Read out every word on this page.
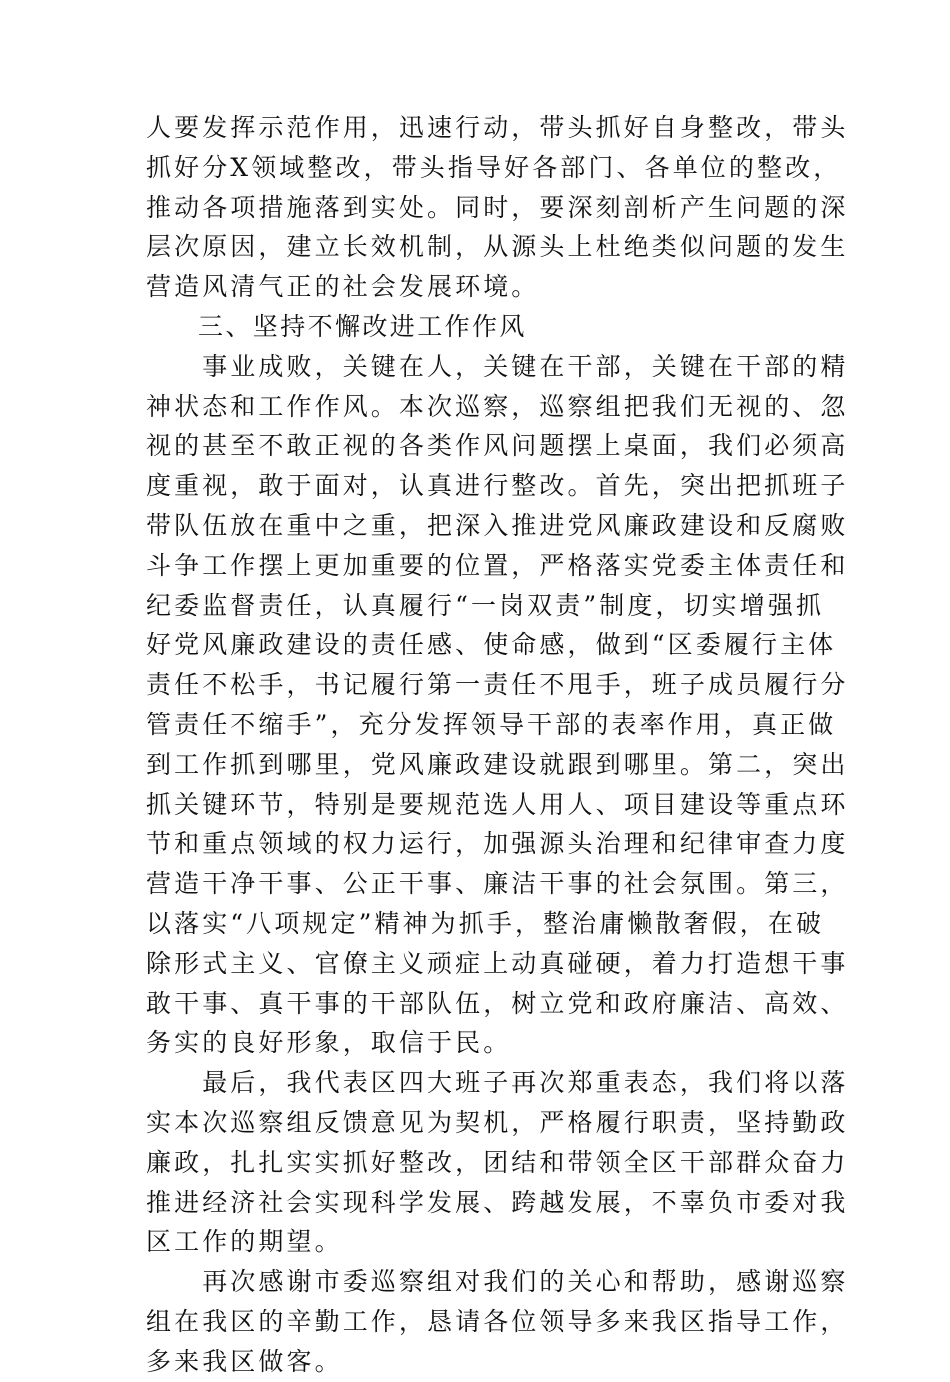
人要发挥示范作用，迅速行动，带头抓好自身整改，带头
抓好分X领域整改，带头指导好各部门、各单位的整改，
推动各项措施落到实处。同时，要深刻剖析产生问题的深
层次原因，建立长效机制，从源头上杜绝类似问题的发生
营造风清气正的社会发展环境。
三、坚持不懈改进工作作风
　　事业成败，关键在人，关键在干部，关键在干部的精
神状态和工作作风。本次巡察，巡察组把我们无视的、忽
视的甚至不敢正视的各类作风问题摆上桌面，我们必须高
度重视，敢于面对，认真进行整改。首先，突出把抓班子
带队伍放在重中之重，把深入推进党风廉政建设和反腐败
斗争工作摆上更加重要的位置，严格落实党委主体责任和
纪委监督责任，认真履行“一岗双责”制度，切实增强抓
好党风廉政建设的责任感、使命感，做到“区委履行主体
责任不松手，书记履行第一责任不甩手，班子成员履行分
管责任不缩手”，充分发挥领导干部的表率作用，真正做
到工作抓到哪里，党风廉政建设就跟到哪里。第二，突出
抓关键环节，特别是要规范选人用人、项目建设等重点环
节和重点领域的权力运行，加强源头治理和纪律审查力度
营造干净干事、公正干事、廉洁干事的社会氛围。第三，
以落实“八项规定”精神为抓手，整治庸懒散奢假，在破
除形式主义、官僚主义顽症上动真碰硬，着力打造想干事
敢干事、真干事的干部队伍，树立党和政府廉洁、高效、
务实的良好形象，取信于民。
　　最后，我代表区四大班子再次郑重表态，我们将以落
实本次巡察组反馈意见为契机，严格履行职责，坚持勤政
廉政，扎扎实实抓好整改，团结和带领全区干部群众奋力
推进经济社会实现科学发展、跨越发展，不辜负市委对我
区工作的期望。
　　再次感谢市委巡察组对我们的关心和帮助，感谢巡察
组在我区的辛勤工作，恳请各位领导多来我区指导工作，
多来我区做客。
